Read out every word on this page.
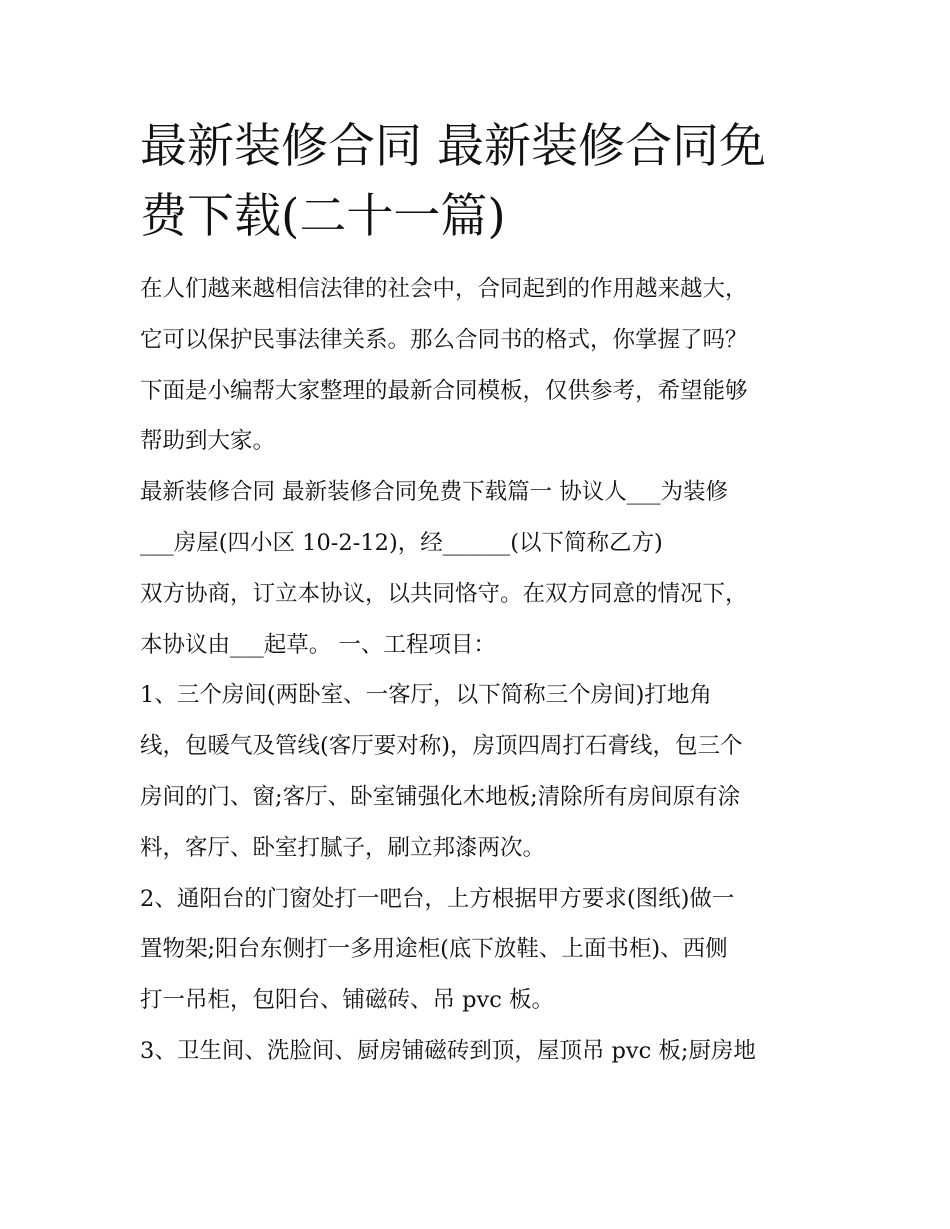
最新装修合同 最新装修合同免
费下载(二十一篇)

在人们越来越相信法律的社会中，合同起到的作用越来越大，
它可以保护民事法律关系。那么合同书的格式，你掌握了吗？
下面是小编帮大家整理的最新合同模板，仅供参考，希望能够
帮助到大家。

最新装修合同 最新装修合同免费下载篇一 协议人___为装修
___房屋(四小区 10-2-12)，经______(以下简称乙方)

双方协商，订立本协议，以共同恪守。在双方同意的情况下，
本协议由___起草。 一、工程项目：

1、三个房间(两卧室、一客厅，以下简称三个房间)打地角
线，包暖气及管线(客厅要对称)，房顶四周打石膏线，包三个
房间的门、窗;客厅、卧室铺强化木地板;清除所有房间原有涂
料，客厅、卧室打腻子，刷立邦漆两次。

2、通阳台的门窗处打一吧台，上方根据甲方要求(图纸)做一
置物架;阳台东侧打一多用途柜(底下放鞋、上面书柜)、西侧
打一吊柜，包阳台、铺磁砖、吊 pvc 板。

3、卫生间、洗脸间、厨房铺磁砖到顶，屋顶吊 pvc 板;厨房地
